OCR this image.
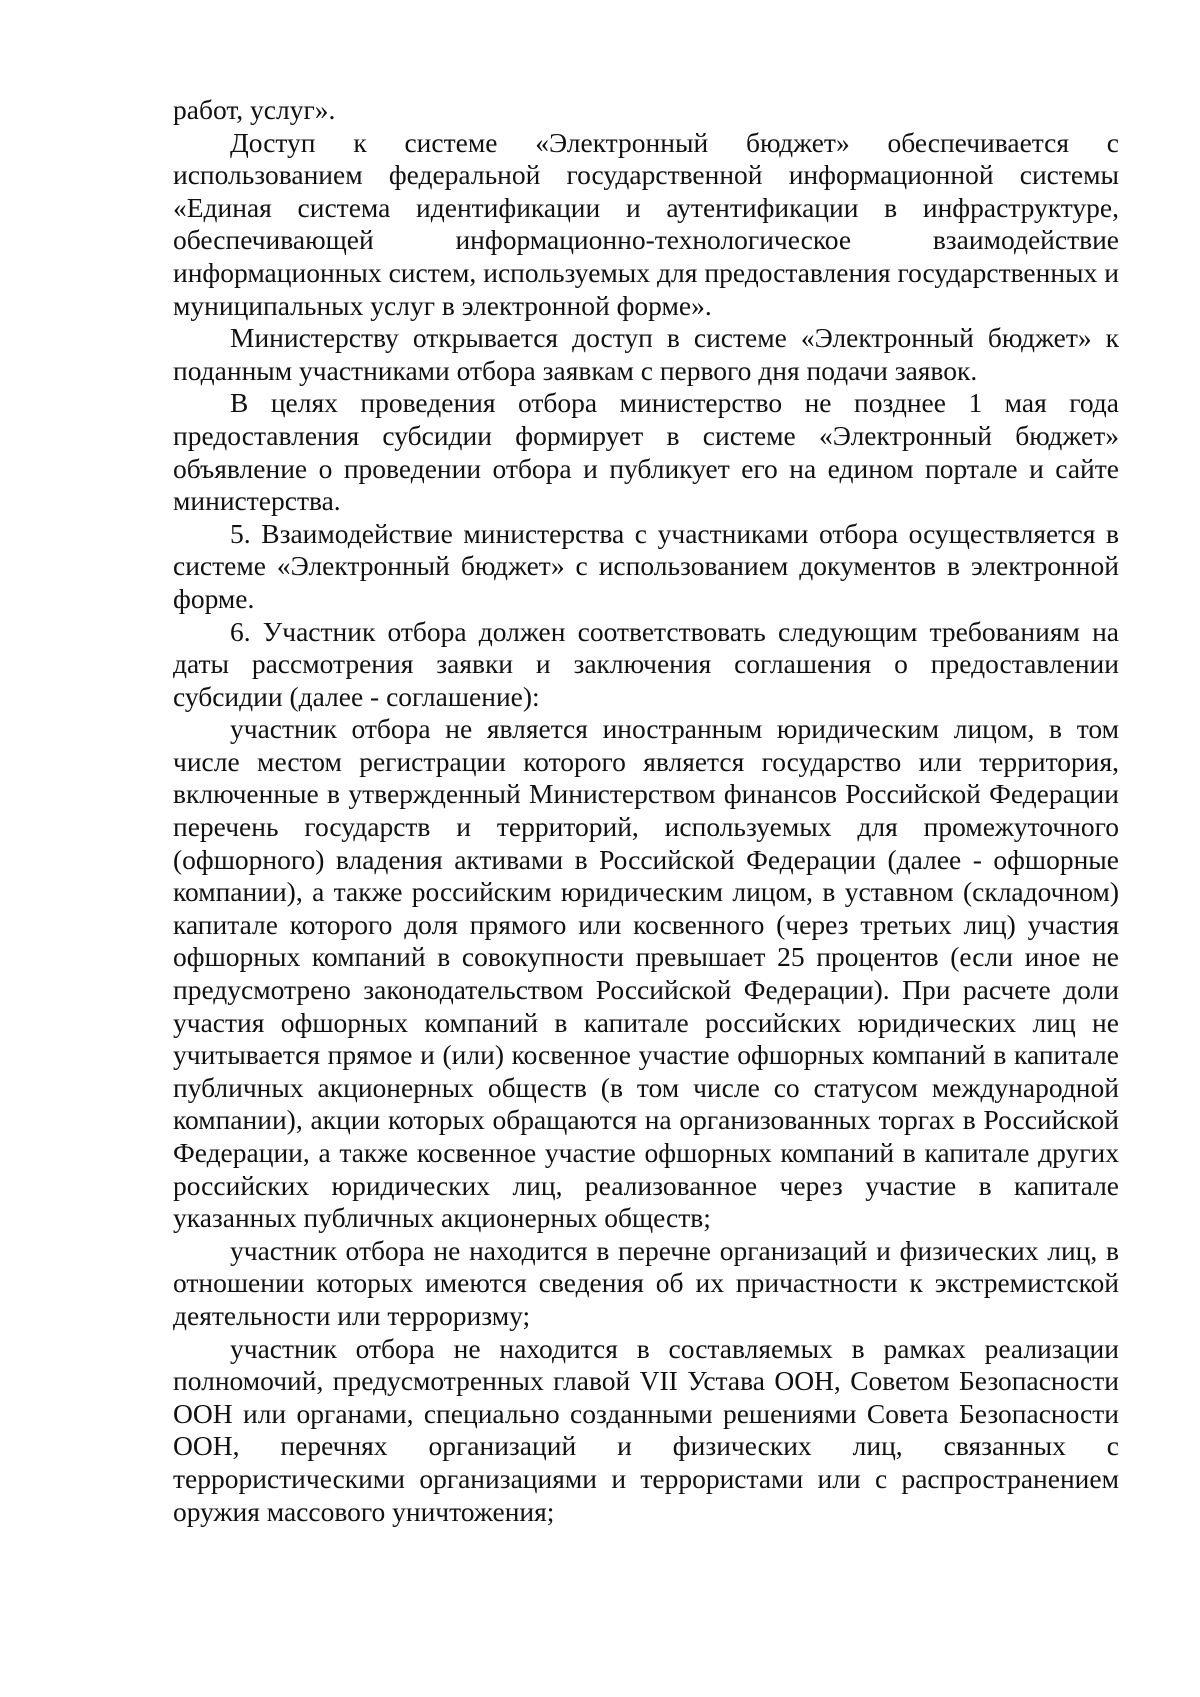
работ, услуг».

Доступ к системе «Электронный бюджет» обеспечивается с использованием федеральной государственной информационной системы «Единая система идентификации и аутентификации в инфраструктуре, обеспечивающей информационно-технологическое взаимодействие информационных систем, используемых для предоставления государственных и муниципальных услуг в электронной форме».

Министерству открывается доступ в системе «Электронный бюджет» к поданным участниками отбора заявкам с первого дня подачи заявок.

В целях проведения отбора министерство не позднее 1 мая года предоставления субсидии формирует в системе «Электронный бюджет» объявление о проведении отбора и публикует его на едином портале и сайте министерства.

5. Взаимодействие министерства с участниками отбора осуществляется в системе «Электронный бюджет» с использованием документов в электронной форме.

6. Участник отбора должен соответствовать следующим требованиям на даты рассмотрения заявки и заключения соглашения о предоставлении субсидии (далее - соглашение):

участник отбора не является иностранным юридическим лицом, в том числе местом регистрации которого является государство или территория, включенные в утвержденный Министерством финансов Российской Федерации перечень государств и территорий, используемых для промежуточного (офшорного) владения активами в Российской Федерации (далее - офшорные компании), а также российским юридическим лицом, в уставном (складочном) капитале которого доля прямого или косвенного (через третьих лиц) участия офшорных компаний в совокупности превышает 25 процентов (если иное не предусмотрено законодательством Российской Федерации). При расчете доли участия офшорных компаний в капитале российских юридических лиц не учитывается прямое и (или) косвенное участие офшорных компаний в капитале публичных акционерных обществ (в том числе со статусом международной компании), акции которых обращаются на организованных торгах в Российской Федерации, а также косвенное участие офшорных компаний в капитале других российских юридических лиц, реализованное через участие в капитале указанных публичных акционерных обществ;

участник отбора не находится в перечне организаций и физических лиц, в отношении которых имеются сведения об их причастности к экстремистской деятельности или терроризму;

участник отбора не находится в составляемых в рамках реализации полномочий, предусмотренных главой VII Устава ООН, Советом Безопасности ООН или органами, специально созданными решениями Совета Безопасности ООН, перечнях организаций и физических лиц, связанных с террористическими организациями и террористами или с распространением оружия массового уничтожения;
